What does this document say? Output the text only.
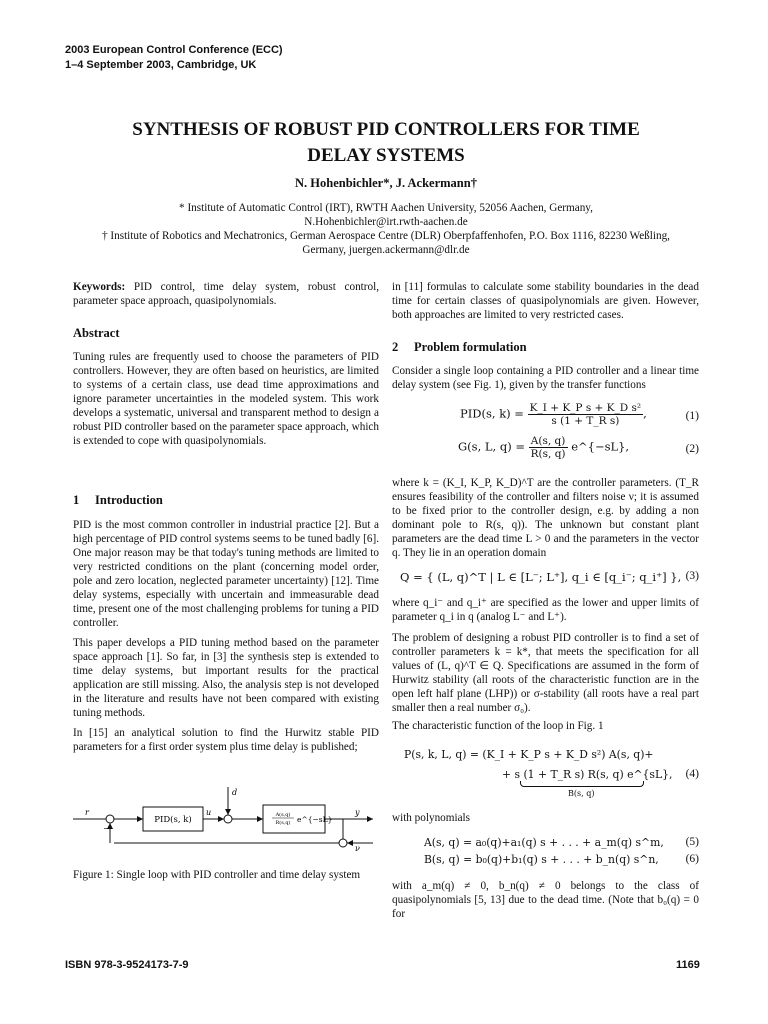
2003 European Control Conference (ECC)
1–4 September 2003, Cambridge, UK
SYNTHESIS OF ROBUST PID CONTROLLERS FOR TIME
DELAY SYSTEMS
N. Hohenbichler*, J. Ackermann†
* Institute of Automatic Control (IRT), RWTH Aachen University, 52056 Aachen, Germany,
N.Hohenbichler@irt.rwth-aachen.de
† Institute of Robotics and Mechatronics, German Aerospace Centre (DLR) Oberpfaffenhofen, P.O. Box 1116, 82230 Weßling,
Germany, juergen.ackermann@dlr.de
Keywords: PID control, time delay system, robust control, parameter space approach, quasipolynomials.
Abstract
Tuning rules are frequently used to choose the parameters of PID controllers. However, they are often based on heuristics, are limited to systems of a certain class, use dead time approximations and ignore parameter uncertainties in the modeled system. This work develops a systematic, universal and transparent method to design a robust PID controller based on the parameter space approach, which is extended to cope with quasipolynomials.
1 Introduction

PID is the most common controller in industrial practice [2]. But a high percentage of PID control systems seems to be tuned badly [6]. One major reason may be that today's tuning methods are limited to very restricted conditions on the plant (concerning model order, pole and zero location, neglected parameter uncertainty) [12]. Time delay systems, especially with uncertain and immeasurable dead time, present one of the most challenging problems for tuning a PID controller.

This paper develops a PID tuning method based on the parameter space approach [1]. So far, in [3] the synthesis step is extended to time delay systems, but important results for the practical application are still missing. Also, the analysis step is not developed in the literature and results have not been compared with existing tuning methods.

In [15] an analytical solution to find the Hurwitz stable PID parameters for a first order system plus time delay is published;

r
−
PID(s, k)
u
d
A(s,q)
R(s,q) e^{−sL}
y
ν
Figure 1: Single loop with PID controller and time delay system
in [11] formulas to calculate some stability boundaries in the dead time for certain classes of quasipolynomials are given. However, both approaches are limited to very restricted cases.
2 Problem formulation
Consider a single loop containing a PID controller and a linear time delay system (see Fig. 1), given by the transfer functions
PID(s, $k) = \frac{\text{K\_I + K\_P s + K\_D s²}}{\text{s (1 + T\_R s)}}$ ,	(1)
G(s, L, $q) = \frac{A(s, q)}{R(s, q)}$ e^{−sL},	(2)
where k = (K_I, K_P, K_D)^T are the controller parameters. (T_R ensures feasibility of the controller and filters noise ν; it is assumed to be fixed prior to the controller design, e.g. by adding a non dominant pole to R(s, q)). The unknown but constant plant parameters are the dead time L > 0 and the parameters in the vector q. They lie in an operation domain
Q = { (L, q)^T | L ∈ [L⁻; L⁺], q_i ∈ [q_i⁻; q_i⁺] }, (3)
where q_i⁻ and q_i⁺ are specified as the lower and upper limits of parameter q_i in q (analog L⁻ and L⁺).
The problem of designing a robust PID controller is to find a set of controller parameters k = k*, that meets the specification for all values of (L, q)^T ∈ Q. Specifications are assumed in the form of Hurwitz stability (all roots of the characteristic function are in the open left half plane (LHP)) or σ-stability (all roots have a real part smaller then a real number σ₀).
The characteristic function of the loop in Fig. 1
P(s, k, L, q) = (K_I + K_P s + K_D s²) A(s, q)+
+ s (1 + T_R s) R(s, q) e^{sL},
B(s, q)
(4)
with polynomials
A(s, q) = a₀(q)+a₁(q) s + . . . + a_m(q) s^m, (5)
B(s, q) = b₀(q)+b₁(q) s + . . . + b_n(q) s^n, (6)
with a_m(q) ≠ 0, b_n(q) ≠ 0 belongs to the class of quasipolynomials [5, 13] due to the dead time. (Note that b₀(q) = 0 for
ISBN 978-3-9524173-7-9	1169
